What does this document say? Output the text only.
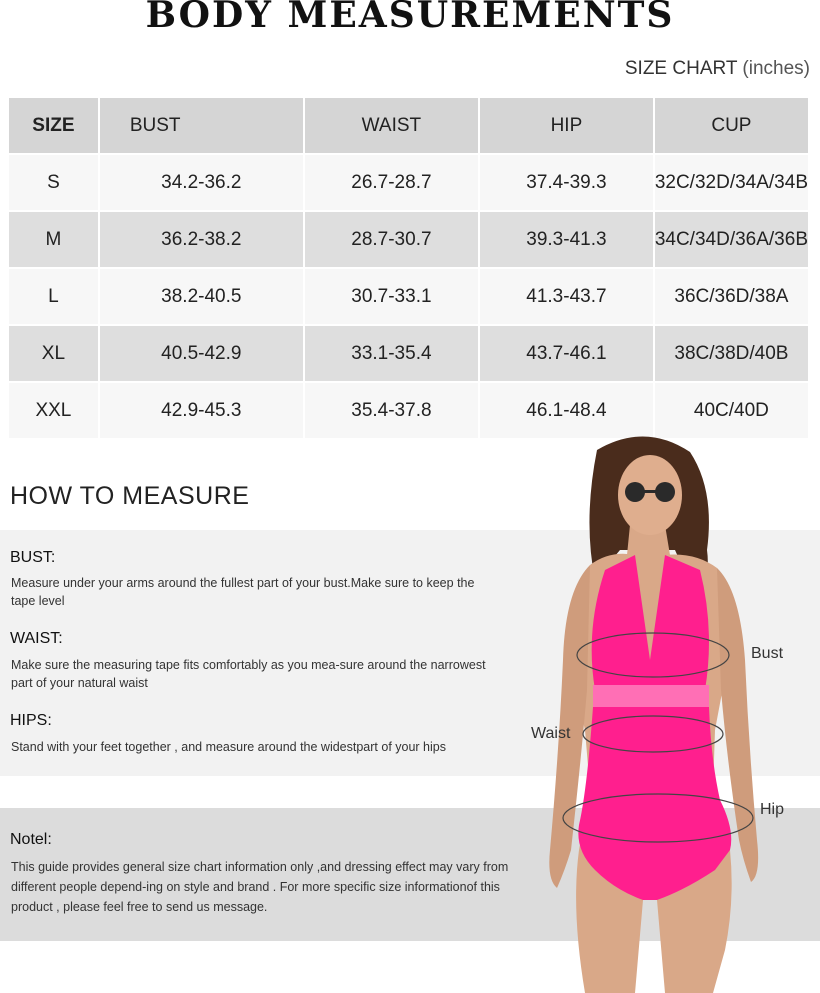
BODY MEASUREMENTS
SIZE CHART (inches)
SIZE	BUST	WAIST	HIP	CUP
S	34.2-36.2	26.7-28.7	37.4-39.3	32C/32D/34A/34B
M	36.2-38.2	28.7-30.7	39.3-41.3	34C/34D/36A/36B
L	38.2-40.5	30.7-33.1	41.3-43.7	36C/36D/38A
XL	40.5-42.9	33.1-35.4	43.7-46.1	38C/38D/40B
XXL	42.9-45.3	35.4-37.8	46.1-48.4	40C/40D
HOW TO MEASURE
BUST:
Measure under your arms around the fullest part of your bust.Make sure to keep the tape level
WAIST:
Make sure the measuring tape fits comfortably as you mea-sure around the narrowest part of your natural waist
HIPS:
Stand with your feet together , and measure around the widestpart of your hips
Notel:
This guide provides general size chart information only ,and dressing effect may vary from different people depend-ing on style and brand . For more specific size informationof this product , please feel free to send us message.
Bust
Waist
Hip
